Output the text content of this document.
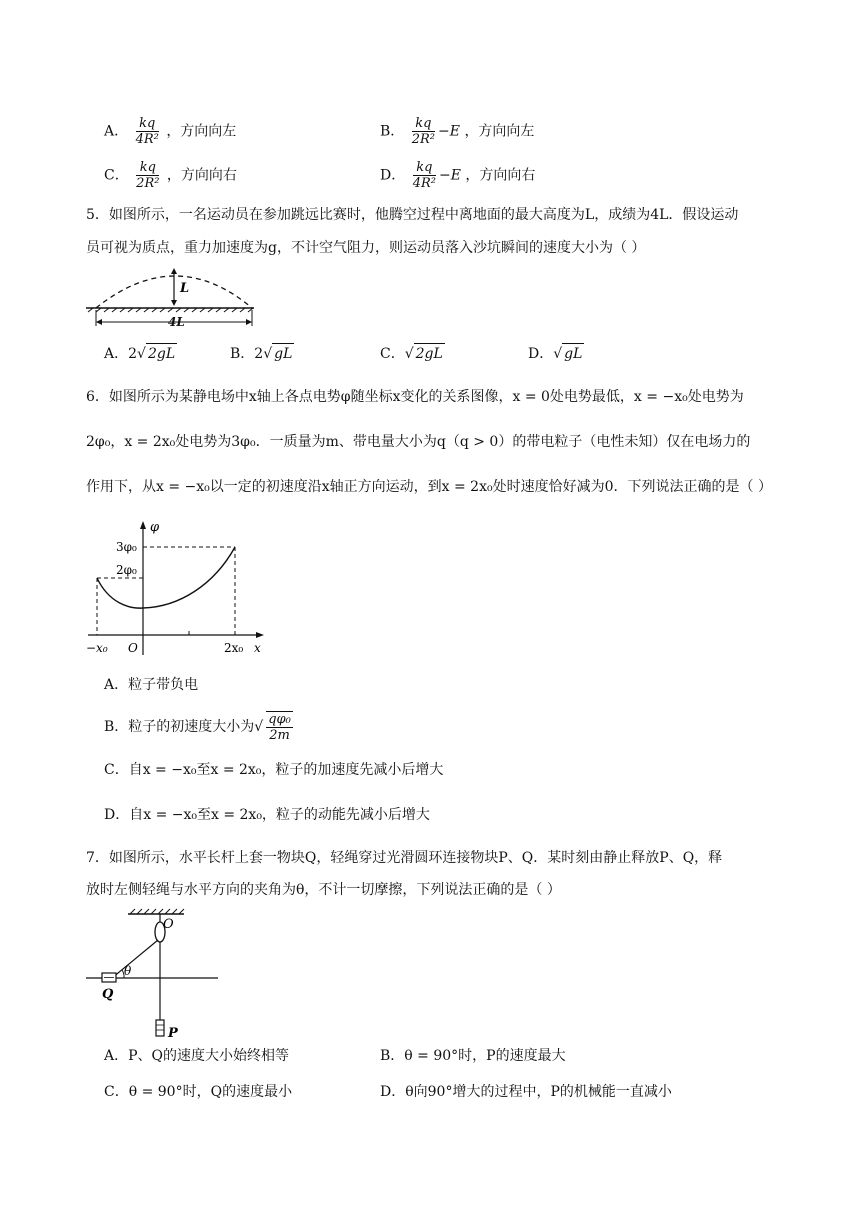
A． $\frac{kq}{\text{4R²}}$ ，方向向左	B． $\frac{kq}{\text{2R²}} -E$ ，方向向左
C． $\frac{kq}{\text{2R²}}$ ，方向向右	D． $\frac{kq}{\text{4R²}} -E$ ，方向向右
5．如图所示，一名运动员在参加跳远比赛时，他腾空过程中离地面的最大高度为L，成绩为4L．假设运动
员可视为质点，重力加速度为g，不计空气阻力，则运动员落入沙坑瞬间的速度大小为（ ）
L
4L
A．2√ 2gL	B．2√ gL	C．√ 2gL	D．√ gL
6．如图所示为某静电场中x轴上各点电势φ随坐标x变化的关系图像，x = 0处电势最低，x = −x₀处电势为
2φ₀，x = 2x₀处电势为3φ₀．一质量为m、带电量大小为q（q > 0）的带电粒子（电性未知）仅在电场力的
作用下，从x = −x₀以一定的初速度沿x轴正方向运动，到x = 2x₀处时速度恰好减为0．下列说法正确的是（ ）
φ
3φ₀
2φ₀
−x₀ O	2x₀ x
A．粒子带负电
B．粒子的初速度大小为√ $\frac{\text{qφ₀}}{2m}$
C．自x = −x₀至x = 2x₀，粒子的加速度先减小后增大
D．自x = −x₀至x = 2x₀，粒子的动能先减小后增大
7．如图所示，水平长杆上套一物块Q，轻绳穿过光滑圆环连接物块P、Q．某时刻由静止释放P、Q，释
放时左侧轻绳与水平方向的夹角为θ，不计一切摩擦，下列说法正确的是（ ）
O
θ
Q
P
A．P、Q的速度大小始终相等	B．θ = 90°时，P的速度最大
C．θ = 90°时，Q的速度最小	D．θ向90°增大的过程中，P的机械能一直减小
